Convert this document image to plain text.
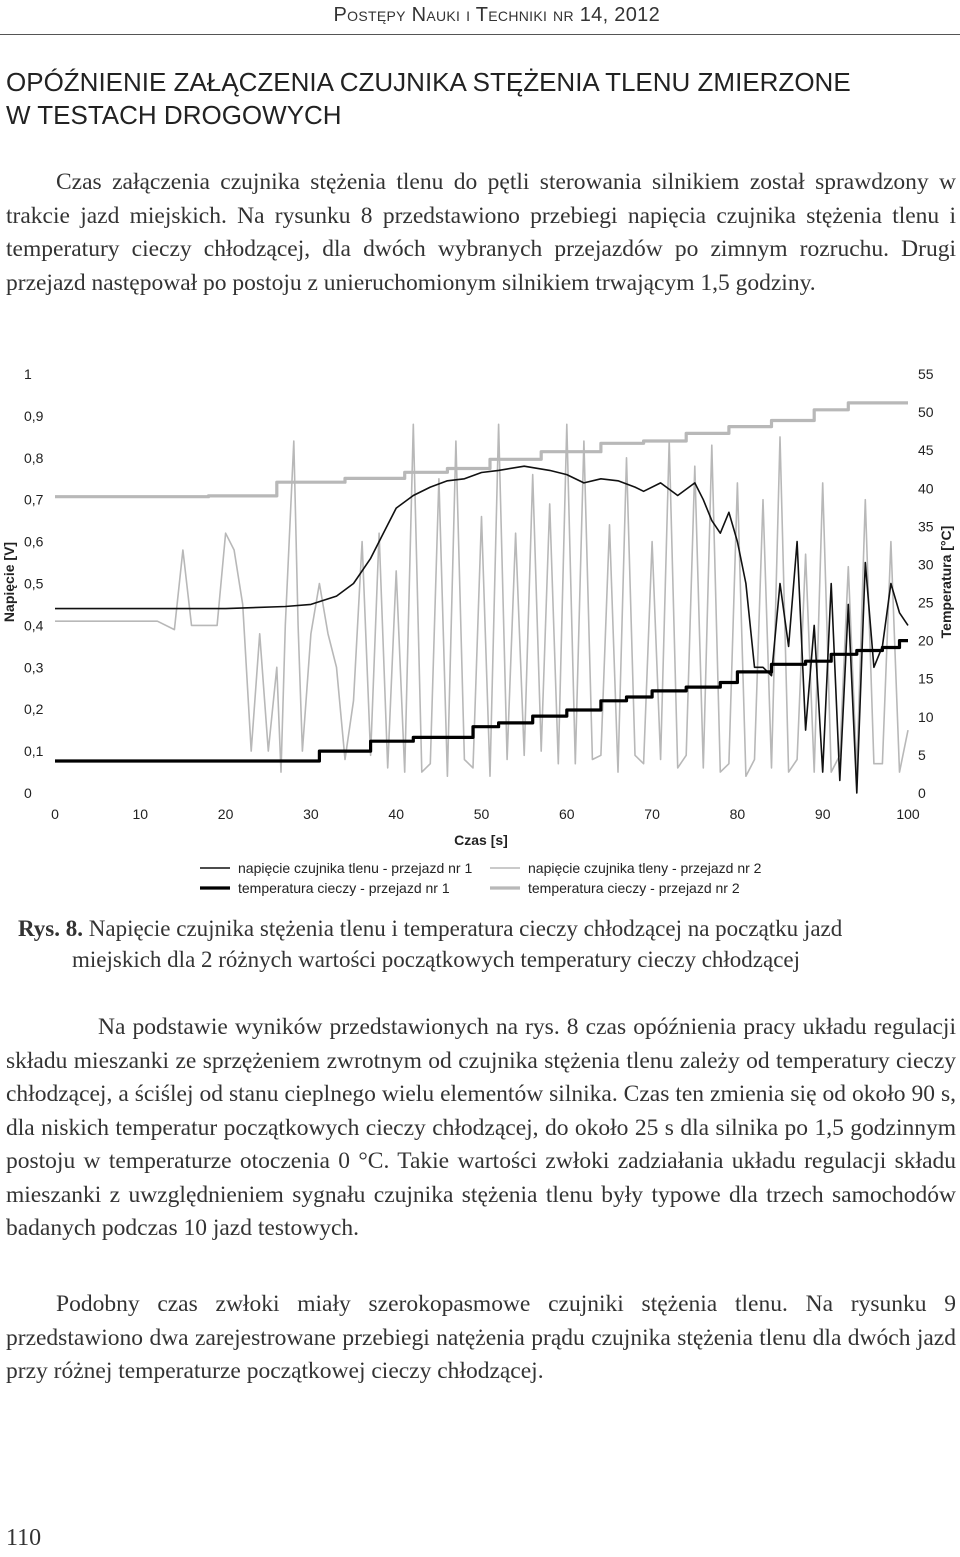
Postępy Nauki i Techniki nr 14, 2012
OPÓŹNIENIE ZAŁĄCZENIA CZUJNIKA STĘŻENIA TLENU ZMIERZONE
W TESTACH DROGOWYCH
Czas załączenia czujnika stężenia tlenu do pętli sterowania silnikiem został sprawdzony w trakcie jazd miejskich. Na rysunku 8 przedstawiono przebiegi napięcia czujnika stężenia tlenu i temperatury cieczy chłodzącej, dla dwóch wybranych przejazdów po zimnym rozruchu. Drugi przejazd następował po postoju z unieruchomionym silnikiem trwającym 1,5 godziny.
0	10	20	30	40	50	60	70	80	90	100
0
0,1
0,2
0,3
0,4
0,5
0,6
0,7
0,8
0,9
1
0
5
10
15
20
25
30
35
40
45
50
55
Czas [s]
Napięcie [V]	Temperatura [°C]
napięcie czujnika tlenu - przejazd nr 1	napięcie czujnika tleny - przejazd nr 2
temperatura cieczy - przejazd nr 1	temperatura cieczy - przejazd nr 2
Rys. 8. Napięcie czujnika stężenia tlenu i temperatura cieczy chłodzącej na początku jazd
miejskich dla 2 różnych wartości początkowych temperatury cieczy chłodzącej
Na podstawie wyników przedstawionych na rys. 8 czas opóźnienia pracy układu regulacji składu mieszanki ze sprzężeniem zwrotnym od czujnika stężenia tlenu zależy od temperatury cieczy chłodzącej, a ściślej od stanu cieplnego wielu elementów silnika. Czas ten zmienia się od około 90 s, dla niskich temperatur początkowych cieczy chłodzącej, do około 25 s dla silnika po 1,5 godzinnym postoju w temperaturze otoczenia 0 °C. Takie wartości zwłoki zadziałania układu regulacji składu mieszanki z uwzględnieniem sygnału czujnika stężenia tlenu były typowe dla trzech samochodów badanych podczas 10 jazd testowych.
Podobny czas zwłoki miały szerokopasmowe czujniki stężenia tlenu. Na rysunku 9 przedstawiono dwa zarejestrowane przebiegi natężenia prądu czujnika stężenia tlenu dla dwóch jazd przy różnej temperaturze początkowej cieczy chłodzącej.
110
